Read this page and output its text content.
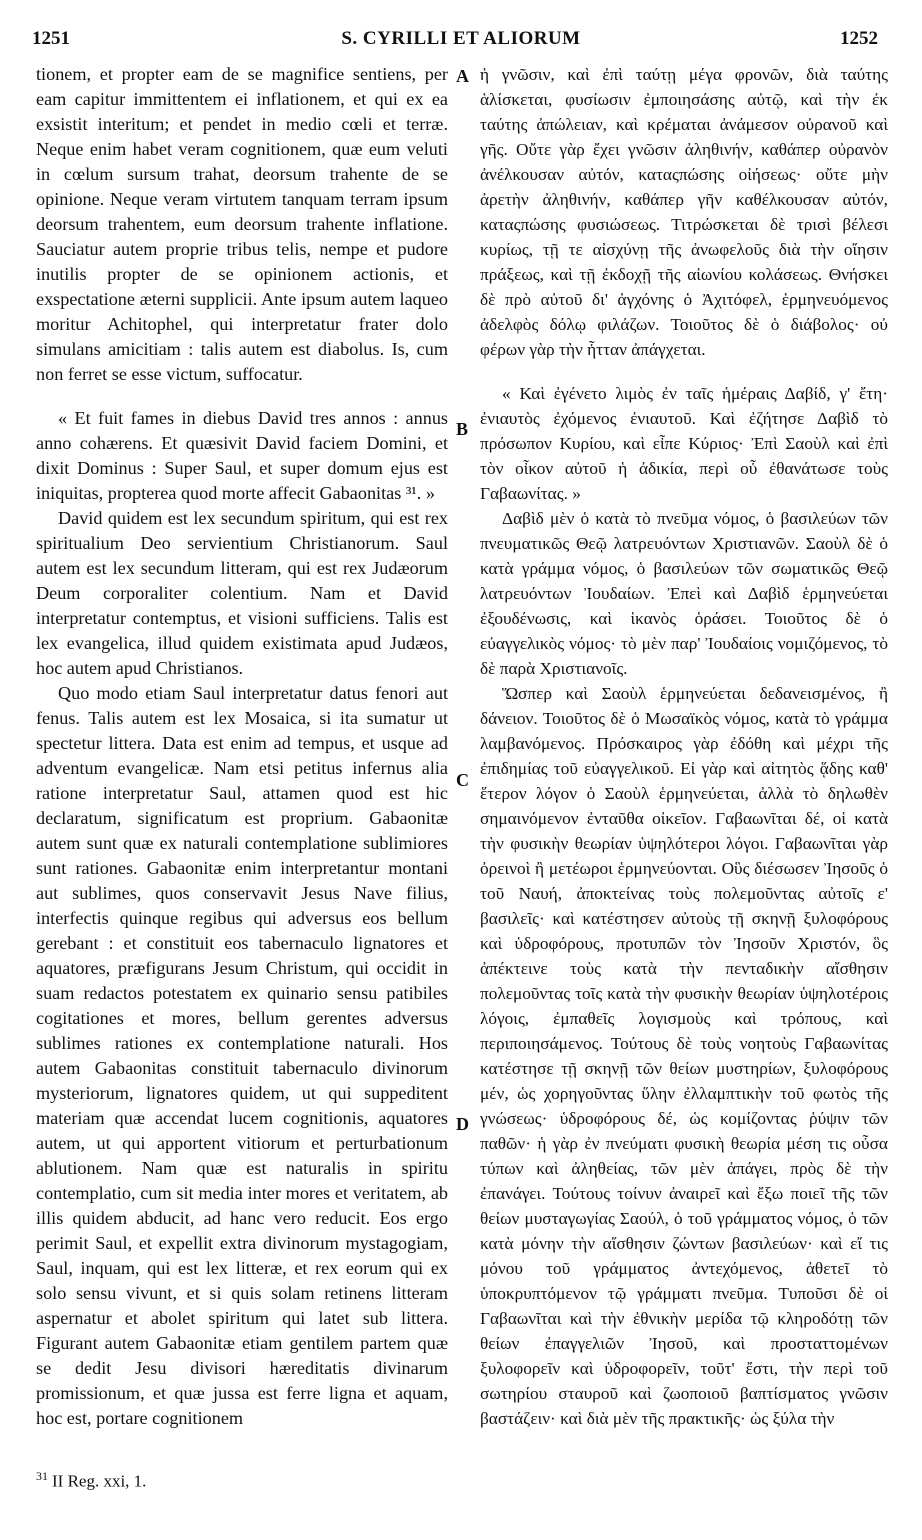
1251	S. CYRILLI ET ALIORUM	1252

tionem, et propter eam de se magnifice sentiens, per eam capitur immittentem ei inflationem, et qui ex ea exsistit interitum; et pendet in medio cœli et terræ. Neque enim habet veram cognitionem, quæ eum veluti in cœlum sursum trahat, deorsum trahente de se opinione. Neque veram virtutem tanquam terram ipsum deorsum trahentem, eum deorsum trahente inflatione. Sauciatur autem proprie tribus telis, nempe et pudore inutilis propter de se opinionem actionis, et exspectatione æterni supplicii. Ante ipsum autem laqueo moritur Achitophel, qui interpretatur frater dolo simulans amicitiam : talis autem est diabolus. Is, cum non ferret se esse victum, suffocatur.

« Et fuit fames in diebus David tres annos : annus anno cohærens. Et quæsivit David faciem Domini, et dixit Dominus : Super Saul, et super domum ejus est iniquitas, propterea quod morte affecit Gabaonitas ³¹. »

David quidem est lex secundum spiritum, qui est rex spiritualium Deo servientium Christianorum. Saul autem est lex secundum litteram, qui est rex Judæorum Deum corporaliter colentium. Nam et David interpretatur contemptus, et visioni sufficiens. Talis est lex evangelica, illud quidem existimata apud Judæos, hoc autem apud Christianos.

Quo modo etiam Saul interpretatur datus fenori aut fenus. Talis autem est lex Mosaica, si ita sumatur ut spectetur littera. Data est enim ad tempus, et usque ad adventum evangelicæ. Nam etsi petitus infernus alia ratione interpretatur Saul, attamen quod est hic declaratum, significatum est proprium. Gabaonitæ autem sunt quæ ex naturali contemplatione sublimiores sunt rationes. Gabaonitæ enim interpretantur montani aut sublimes, quos conservavit Jesus Nave filius, interfectis quinque regibus qui adversus eos bellum gerebant : et constituit eos tabernaculo lignatores et aquatores, præfigurans Jesum Christum, qui occidit in suam redactos potestatem ex quinario sensu patibiles cogitationes et mores, bellum gerentes adversus sublimes rationes ex contemplatione naturali. Hos autem Gabaonitas constituit tabernaculo divinorum mysteriorum, lignatores quidem, ut qui suppeditent materiam quæ accendat lucem cognitionis, aquatores autem, ut qui apportent vitiorum et perturbationum ablutionem. Nam quæ est naturalis in spiritu contemplatio, cum sit media inter mores et veritatem, ab illis quidem abducit, ad hanc vero reducit. Eos ergo perimit Saul, et expellit extra divinorum mystagogiam, Saul, inquam, qui est lex litteræ, et rex eorum qui ex solo sensu vivunt, et si quis solam retinens litteram aspernatur et abolet spiritum qui latet sub littera. Figurant autem Gabaonitæ etiam gentilem partem quæ se dedit Jesu divisori hæreditatis divinarum promissionum, et quæ jussa est ferre ligna et aquam, hoc est, portare cognitionem

ἡ γνῶσιν, καὶ ἐπὶ ταύτῃ μέγα φρονῶν, διὰ ταύτης ἁλίσκεται, φυσίωσιν ἐμποιησάσης αὐτῷ, καὶ τὴν ἐκ ταύτης ἀπώλειαν, καὶ κρέμαται ἀνάμεσον οὐρανοῦ καὶ γῆς. Οὔτε γὰρ ἔχει γνῶσιν ἀληθινήν, καθάπερ οὐρανὸν ἀνέλκουσαν αὐτόν, καταςπώσης οἰήσεως· οὔτε μὴν ἀρετὴν ἀληθινήν, καθάπερ γῆν καθέλκουσαν αὐτόν, καταςπώσης φυσιώσεως. Τιτρώσκεται δὲ τρισὶ βέλεσι κυρίως, τῇ τε αἰσχύνῃ τῆς ἀνωφελοῦς διὰ τὴν οἴησιν πράξεως, καὶ τῇ ἐκδοχῇ τῆς αἰωνίου κολάσεως. Θνήσκει δὲ πρὸ αὐτοῦ δι' ἀγχόνης ὁ Ἀχιτόφελ, ἑρμηνευόμενος ἀδελφὸς δόλῳ φιλάζων. Τοιοῦτος δὲ ὁ διάβολος· οὐ φέρων γὰρ τὴν ἧτταν ἀπάγχεται.

« Καὶ ἐγένετο λιμὸς ἐν ταῖς ἡμέραις Δαβίδ, γ' ἔτη· ἐνιαυτὸς ἐχόμενος ἐνιαυτοῦ. Καὶ ἐζήτησε Δαβὶδ τὸ πρόσωπον Κυρίου, καὶ εἶπε Κύριος· Ἐπὶ Σαοὺλ καὶ ἐπὶ τὸν οἶκον αὐτοῦ ἡ ἀδικία, περὶ οὗ ἐθανάτωσε τοὺς Γαβαωνίτας. »

Δαβὶδ μὲν ὁ κατὰ τὸ πνεῦμα νόμος, ὁ βασιλεύων τῶν πνευματικῶς Θεῷ λατρευόντων Χριστιανῶν. Σαοὺλ δὲ ὁ κατὰ γράμμα νόμος, ὁ βασιλεύων τῶν σωματικῶς Θεῷ λατρευόντων Ἰουδαίων. Ἐπεὶ καὶ Δαβὶδ ἑρμηνεύεται ἐξουδένωσις, καὶ ἱκανὸς ὁράσει. Τοιοῦτος δὲ ὁ εὐαγγελικὸς νόμος· τὸ μὲν παρ' Ἰουδαίοις νομιζόμενος, τὸ δὲ παρὰ Χριστιανοῖς.

Ὥσπερ καὶ Σαοὺλ ἑρμηνεύεται δεδανεισμένος, ἢ δάνειον. Τοιοῦτος δὲ ὁ Μωσαϊκὸς νόμος, κατὰ τὸ γράμμα λαμβανόμενος. Πρόσκαιρος γὰρ ἐδόθη καὶ μέχρι τῆς ἐπιδημίας τοῦ εὐαγγελικοῦ. Εἰ γὰρ καὶ αἰτητὸς ᾅδης καθ' ἕτερον λόγον ὁ Σαοὺλ ἑρμηνεύεται, ἀλλὰ τὸ δηλωθὲν σημαινόμενον ἐνταῦθα οἰκεῖον. Γαβαωνῖται δέ, οἱ κατὰ τὴν φυσικὴν θεωρίαν ὑψηλότεροι λόγοι. Γαβαωνῖται γὰρ ὀρεινοὶ ἢ μετέωροι ἑρμηνεύονται. Οὓς διέσωσεν Ἰησοῦς ὁ τοῦ Ναυή, ἀποκτείνας τοὺς πολεμοῦντας αὐτοῖς ε' βασιλεῖς· καὶ κατέστησεν αὐτοὺς τῇ σκηνῇ ξυλοφόρους καὶ ὑδροφόρους, προτυπῶν τὸν Ἰησοῦν Χριστόν, ὃς ἀπέκτεινε τοὺς κατὰ τὴν πενταδικὴν αἴσθησιν πολεμοῦντας τοῖς κατὰ τὴν φυσικὴν θεωρίαν ὑψηλοτέροις λόγοις, ἐμπαθεῖς λογισμοὺς καὶ τρόπους, καὶ περιποιησάμενος. Τούτους δὲ τοὺς νοητοὺς Γαβαωνίτας κατέστησε τῇ σκηνῇ τῶν θείων μυστηρίων, ξυλοφόρους μέν, ὡς χορηγοῦντας ὕλην ἐλλαμπτικὴν τοῦ φωτὸς τῆς γνώσεως· ὑδροφόρους δέ, ὡς κομίζοντας ῥύψιν τῶν παθῶν· ἡ γὰρ ἐν πνεύματι φυσικὴ θεωρία μέση τις οὖσα τύπων καὶ ἀληθείας, τῶν μὲν ἀπάγει, πρὸς δὲ τὴν ἐπανάγει. Τούτους τοίνυν ἀναιρεῖ καὶ ἔξω ποιεῖ τῆς τῶν θείων μυσταγωγίας Σαούλ, ὁ τοῦ γράμματος νόμος, ὁ τῶν κατὰ μόνην τὴν αἴσθησιν ζώντων βασιλεύων· καὶ εἴ τις μόνου τοῦ γράμματος ἀντεχόμενος, ἀθετεῖ τὸ ὑποκρυπτόμενον τῷ γράμματι πνεῦμα. Τυποῦσι δὲ οἱ Γαβαωνῖται καὶ τὴν ἐθνικὴν μερίδα τῷ κληροδότῃ τῶν θείων ἐπαγγελιῶν Ἰησοῦ, καὶ προσταττομένων ξυλοφορεῖν καὶ ὑδροφορεῖν, τοῦτ' ἔστι, τὴν περὶ τοῦ σωτηρίου σταυροῦ καὶ ζωοποιοῦ βαπτίσματος γνῶσιν βαστάζειν· καὶ διὰ μὲν τῆς πρακτικῆς· ὡς ξύλα τὴν

A
B
C
D
$^{31}$ II Reg. xxi, 1.
